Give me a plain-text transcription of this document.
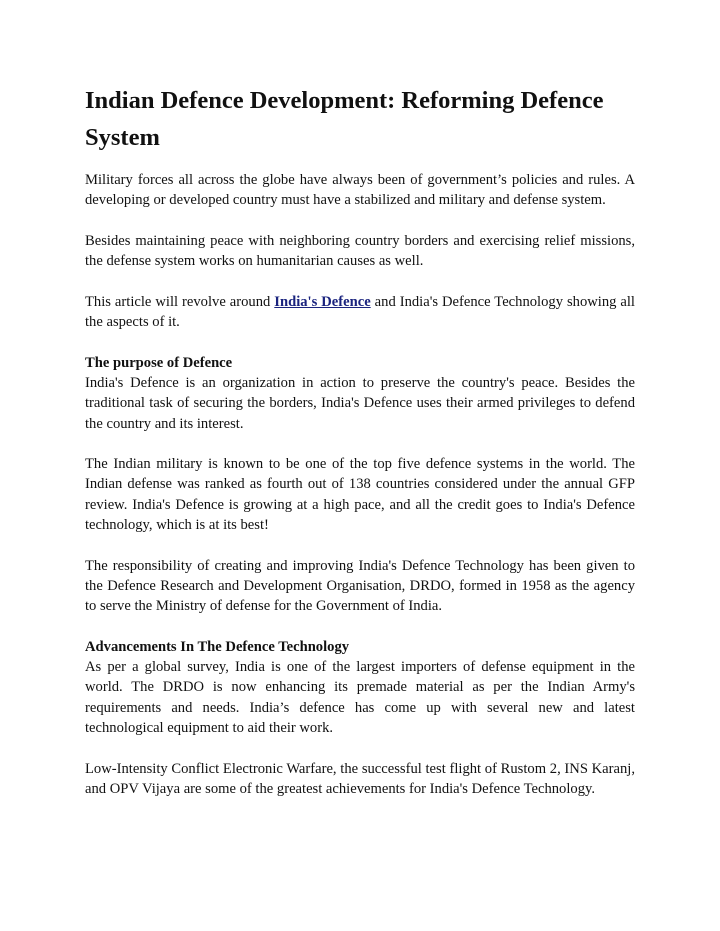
Indian Defence Development: Reforming Defence System

Military forces all across the globe have always been of government’s policies and rules. A developing or developed country must have a stabilized and military and defense system.

Besides maintaining peace with neighboring country borders and exercising relief missions, the defense system works on humanitarian causes as well.

This article will revolve around India's Defence and India's Defence Technology showing all the aspects of it.

The purpose of Defence
India's Defence is an organization in action to preserve the country's peace. Besides the traditional task of securing the borders, India's Defence uses their armed privileges to defend the country and its interest.

The Indian military is known to be one of the top five defence systems in the world. The Indian defense was ranked as fourth out of 138 countries considered under the annual GFP review. India's Defence is growing at a high pace, and all the credit goes to India's Defence technology, which is at its best!

The responsibility of creating and improving India's Defence Technology has been given to the Defence Research and Development Organisation, DRDO, formed in 1958 as the agency to serve the Ministry of defense for the Government of India.

Advancements In The Defence Technology
As per a global survey, India is one of the largest importers of defense equipment in the world. The DRDO is now enhancing its premade material as per the Indian Army's requirements and needs. India’s defence has come up with several new and latest technological equipment to aid their work.

Low-Intensity Conflict Electronic Warfare, the successful test flight of Rustom 2, INS Karanj, and OPV Vijaya are some of the greatest achievements for India's Defence Technology.
